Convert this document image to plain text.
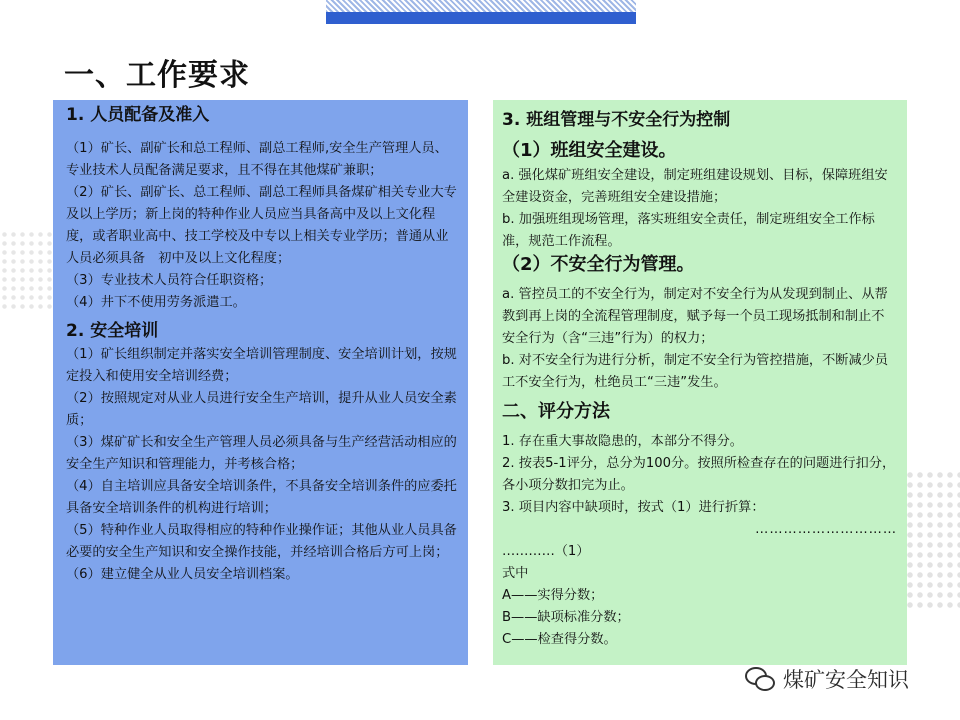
一、工作要求
1. 人员配备及准入
（1）矿长、副矿长和总工程师、副总工程师,安全生产管理人员、专业技术人员配备满足要求，且不得在其他煤矿兼职；
（2）矿长、副矿长、总工程师、副总工程师具备煤矿相关专业大专及以上学历；新上岗的特种作业人员应当具备高中及以上文化程度，或者职业高中、技工学校及中专以上相关专业学历；普通从业人员必须具备　初中及以上文化程度；
（3）专业技术人员符合任职资格；
（4）井下不使用劳务派遣工。
2. 安全培训
（1）矿长组织制定并落实安全培训管理制度、安全培训计划，按规定投入和使用安全培训经费；
（2）按照规定对从业人员进行安全生产培训，提升从业人员安全素质；
（3）煤矿矿长和安全生产管理人员必须具备与生产经营活动相应的安全生产知识和管理能力，并考核合格；
（4）自主培训应具备安全培训条件，不具备安全培训条件的应委托具备安全培训条件的机构进行培训；
（5）特种作业人员取得相应的特种作业操作证；其他从业人员具备必要的安全生产知识和安全操作技能，并经培训合格后方可上岗；
（6）建立健全从业人员安全培训档案。
3. 班组管理与不安全行为控制
（1）班组安全建设。
a. 强化煤矿班组安全建设，制定班组建设规划、目标，保障班组安全建设资金，完善班组安全建设措施；
b. 加强班组现场管理，落实班组安全责任，制定班组安全工作标准，规范工作流程。
（2）不安全行为管理。
a. 管控员工的不安全行为，制定对不安全行为从发现到制止、从帮教到再上岗的全流程管理制度，赋予每一个员工现场抵制和制止不安全行为（含“三违”行为）的权力；
b. 对不安全行为进行分析，制定不安全行为管控措施，不断减少员工不安全行为，杜绝员工“三违”发生。
二、评分方法
1. 存在重大事故隐患的，本部分不得分。
2. 按表5-1评分，总分为100分。按照所检查存在的问题进行扣分，各小项分数扣完为止。
3. 项目内容中缺项时，按式（1）进行折算：
…………………………
…………（1）
式中
A——实得分数；
B——缺项标准分数；
C——检查得分数。
煤矿安全知识
